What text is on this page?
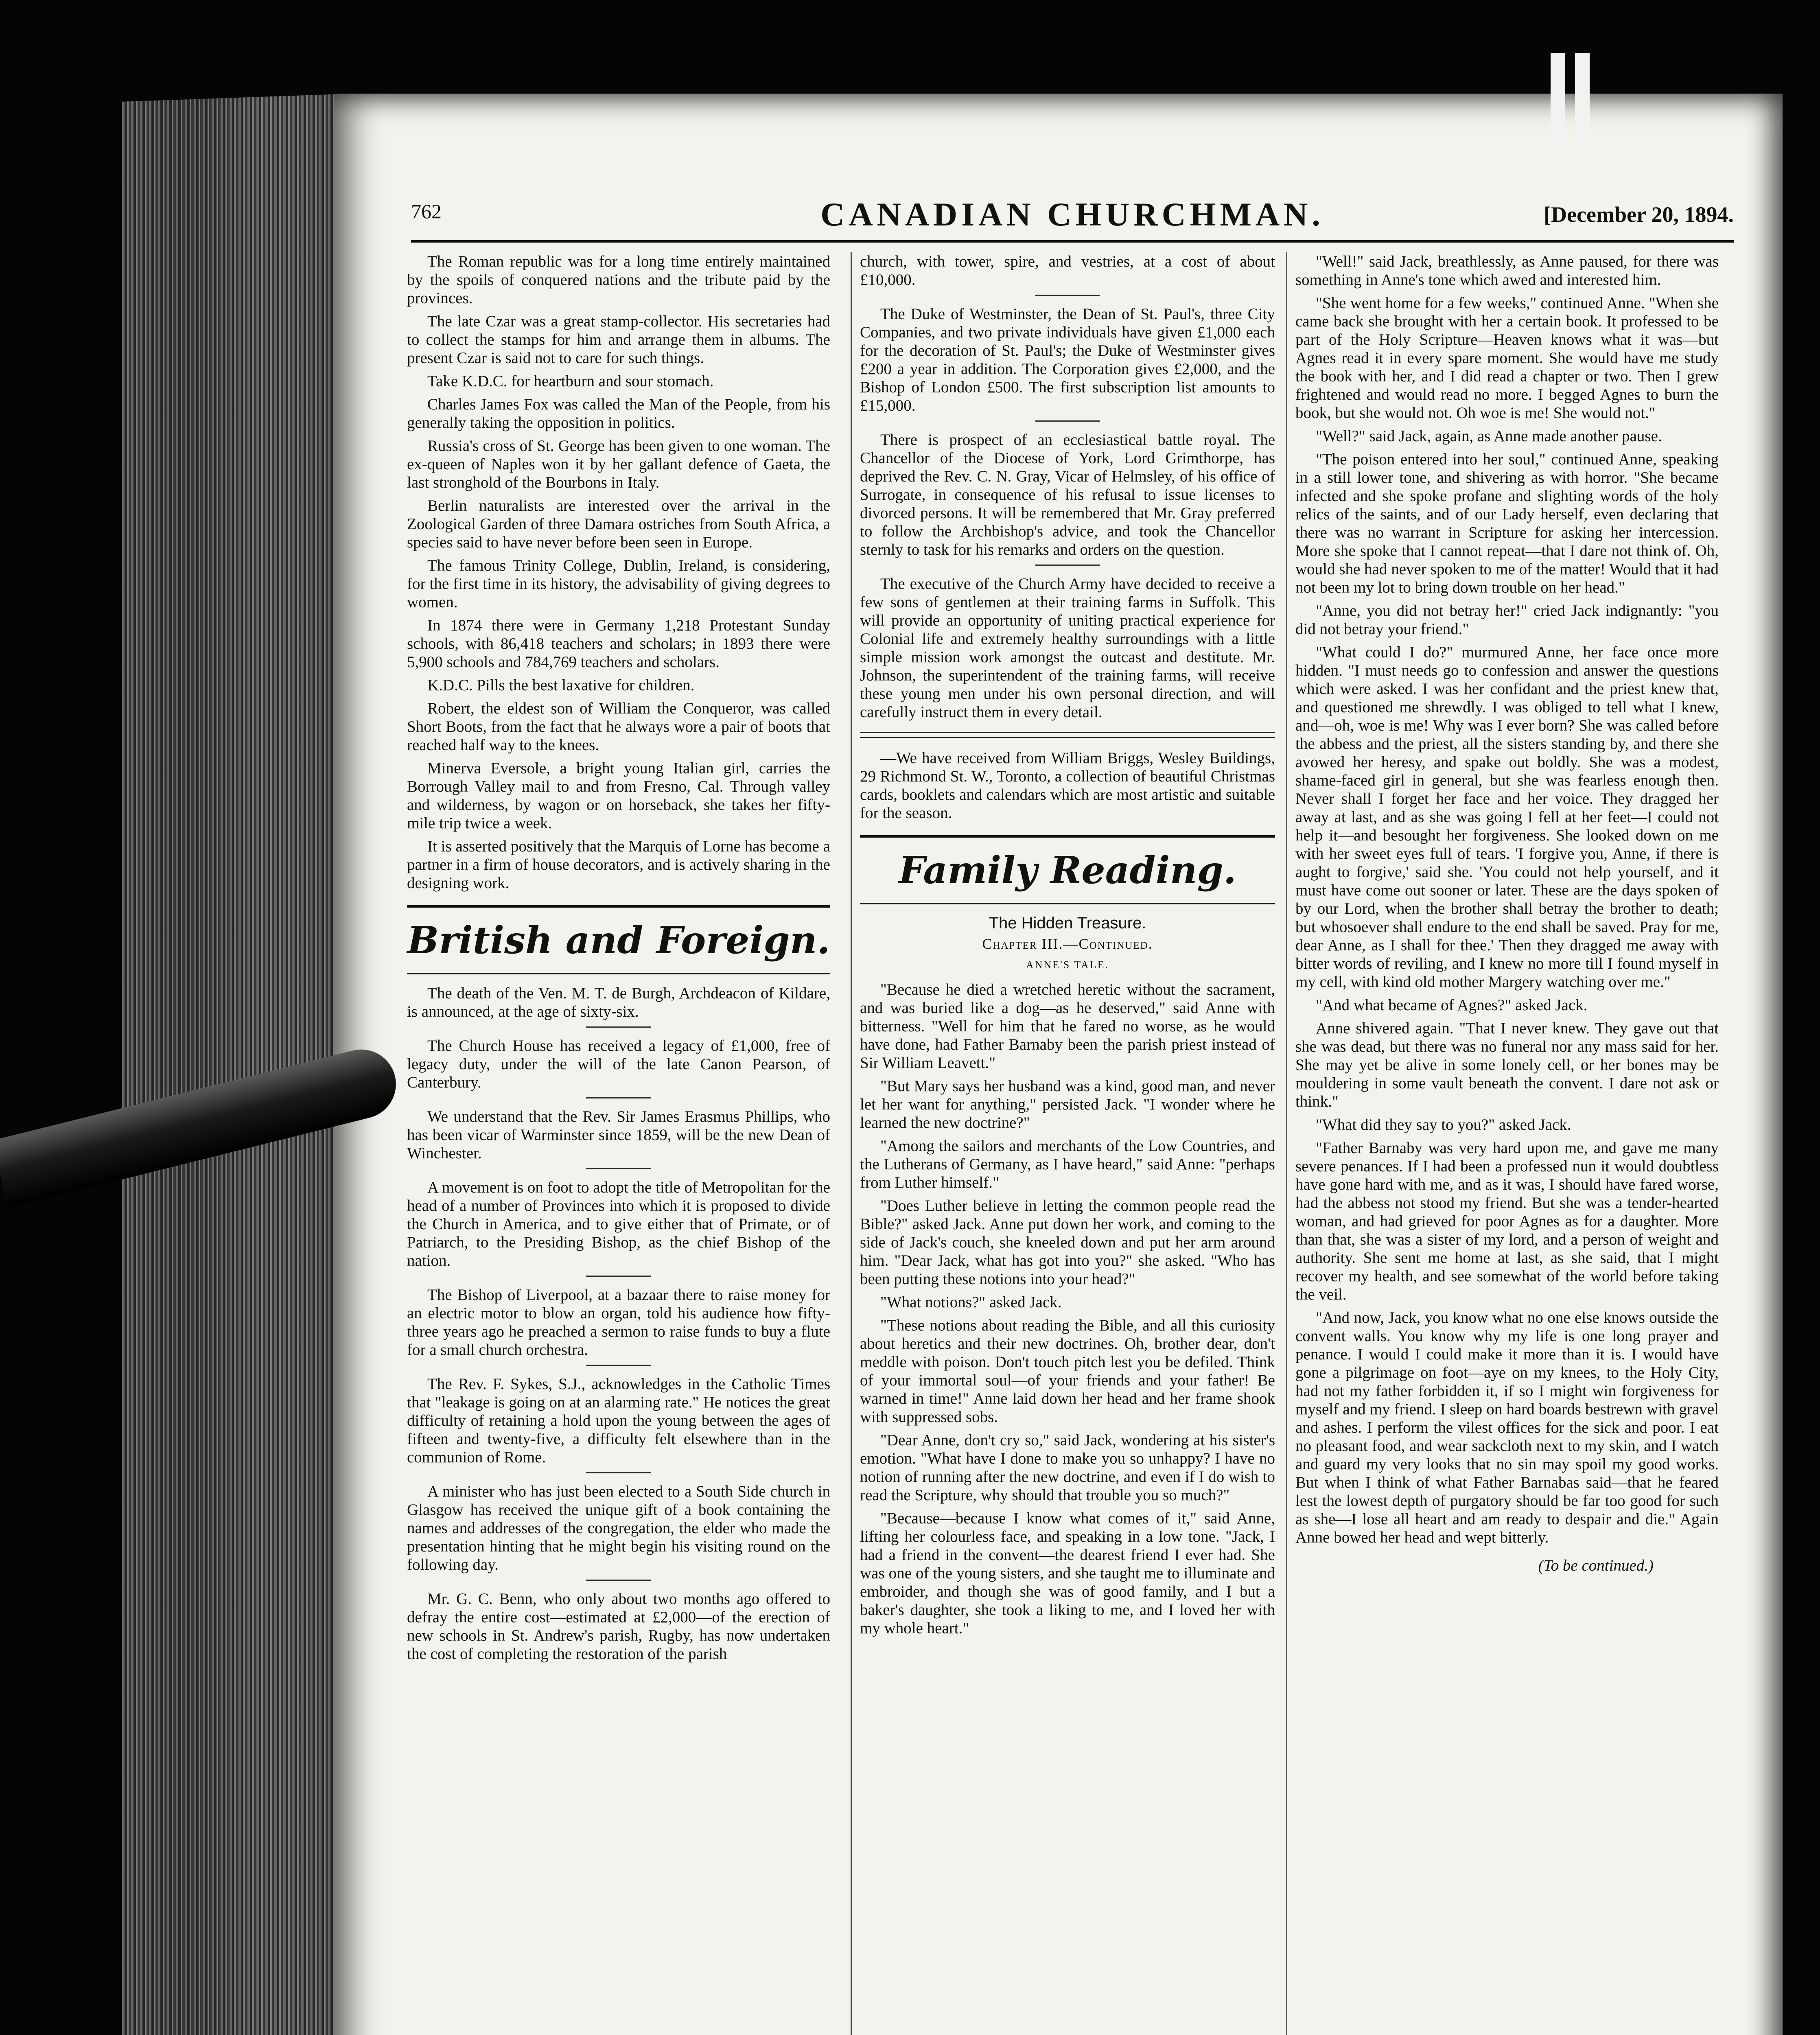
762	CANADIAN CHURCHMAN.	[December 20, 1894.

The Roman republic was for a long time entirely maintained by the spoils of conquered nations and the tribute paid by the provinces.

The late Czar was a great stamp-collector. His secretaries had to collect the stamps for him and arrange them in albums. The present Czar is said not to care for such things.

Take K.D.C. for heartburn and sour stomach.

Charles James Fox was called the Man of the People, from his generally taking the opposition in politics.

Russia's cross of St. George has been given to one woman. The ex-queen of Naples won it by her gallant defence of Gaeta, the last stronghold of the Bourbons in Italy.

Berlin naturalists are interested over the arrival in the Zoological Garden of three Damara ostriches from South Africa, a species said to have never before been seen in Europe.

The famous Trinity College, Dublin, Ireland, is considering, for the first time in its history, the advisability of giving degrees to women.

In 1874 there were in Germany 1,218 Protestant Sunday schools, with 86,418 teachers and scholars; in 1893 there were 5,900 schools and 784,769 teachers and scholars.

K.D.C. Pills the best laxative for children.

Robert, the eldest son of William the Conqueror, was called Short Boots, from the fact that he always wore a pair of boots that reached half way to the knees.

Minerva Eversole, a bright young Italian girl, carries the Borrough Valley mail to and from Fresno, Cal. Through valley and wilderness, by wagon or on horseback, she takes her fifty-mile trip twice a week.

It is asserted positively that the Marquis of Lorne has become a partner in a firm of house decorators, and is actively sharing in the designing work.

British and Foreign.

The death of the Ven. M. T. de Burgh, Archdeacon of Kildare, is announced, at the age of sixty-six.

The Church House has received a legacy of £1,000, free of legacy duty, under the will of the late Canon Pearson, of Canterbury.

We understand that the Rev. Sir James Erasmus Phillips, who has been vicar of Warminster since 1859, will be the new Dean of Winchester.

A movement is on foot to adopt the title of Metropolitan for the head of a number of Provinces into which it is proposed to divide the Church in America, and to give either that of Primate, or of Patriarch, to the Presiding Bishop, as the chief Bishop of the nation.

The Bishop of Liverpool, at a bazaar there to raise money for an electric motor to blow an organ, told his audience how fifty-three years ago he preached a sermon to raise funds to buy a flute for a small church orchestra.

The Rev. F. Sykes, S.J., acknowledges in the Catholic Times that "leakage is going on at an alarming rate." He notices the great difficulty of retaining a hold upon the young between the ages of fifteen and twenty-five, a difficulty felt elsewhere than in the communion of Rome.

A minister who has just been elected to a South Side church in Glasgow has received the unique gift of a book containing the names and addresses of the congregation, the elder who made the presentation hinting that he might begin his visiting round on the following day.

Mr. G. C. Benn, who only about two months ago offered to defray the entire cost—estimated at £2,000—of the erection of new schools in St. Andrew's parish, Rugby, has now undertaken the cost of completing the restoration of the parish

church, with tower, spire, and vestries, at a cost of about £10,000.

The Duke of Westminster, the Dean of St. Paul's, three City Companies, and two private individuals have given £1,000 each for the decoration of St. Paul's; the Duke of Westminster gives £200 a year in addition. The Corporation gives £2,000, and the Bishop of London £500. The first subscription list amounts to £15,000.

There is prospect of an ecclesiastical battle royal. The Chancellor of the Diocese of York, Lord Grimthorpe, has deprived the Rev. C. N. Gray, Vicar of Helmsley, of his office of Surrogate, in consequence of his refusal to issue licenses to divorced persons. It will be remembered that Mr. Gray preferred to follow the Archbishop's advice, and took the Chancellor sternly to task for his remarks and orders on the question.

The executive of the Church Army have decided to receive a few sons of gentlemen at their training farms in Suffolk. This will provide an opportunity of uniting practical experience for Colonial life and extremely healthy surroundings with a little simple mission work amongst the outcast and destitute. Mr. Johnson, the superintendent of the training farms, will receive these young men under his own personal direction, and will carefully instruct them in every detail.

—We have received from William Briggs, Wesley Buildings, 29 Richmond St. W., Toronto, a collection of beautiful Christmas cards, booklets and calendars which are most artistic and suitable for the season.

Family Reading.
The Hidden Treasure.
Chapter III.—Continued.
ANNE'S TALE.

"Because he died a wretched heretic without the sacrament, and was buried like a dog—as he deserved," said Anne with bitterness. "Well for him that he fared no worse, as he would have done, had Father Barnaby been the parish priest instead of Sir William Leavett."

"But Mary says her husband was a kind, good man, and never let her want for anything," persisted Jack. "I wonder where he learned the new doctrine?"

"Among the sailors and merchants of the Low Countries, and the Lutherans of Germany, as I have heard," said Anne: "perhaps from Luther himself."

"Does Luther believe in letting the common people read the Bible?" asked Jack. Anne put down her work, and coming to the side of Jack's couch, she kneeled down and put her arm around him. "Dear Jack, what has got into you?" she asked. "Who has been putting these notions into your head?"

"What notions?" asked Jack.

"These notions about reading the Bible, and all this curiosity about heretics and their new doctrines. Oh, brother dear, don't meddle with poison. Don't touch pitch lest you be defiled. Think of your immortal soul—of your friends and your father! Be warned in time!" Anne laid down her head and her frame shook with suppressed sobs.

"Dear Anne, don't cry so," said Jack, wondering at his sister's emotion. "What have I done to make you so unhappy? I have no notion of running after the new doctrine, and even if I do wish to read the Scripture, why should that trouble you so much?"

"Because—because I know what comes of it," said Anne, lifting her colourless face, and speaking in a low tone. "Jack, I had a friend in the convent—the dearest friend I ever had. She was one of the young sisters, and she taught me to illuminate and embroider, and though she was of good family, and I but a baker's daughter, she took a liking to me, and I loved her with my whole heart."

"Well!" said Jack, breathlessly, as Anne paused, for there was something in Anne's tone which awed and interested him.

"She went home for a few weeks," continued Anne. "When she came back she brought with her a certain book. It professed to be part of the Holy Scripture—Heaven knows what it was—but Agnes read it in every spare moment. She would have me study the book with her, and I did read a chapter or two. Then I grew frightened and would read no more. I begged Agnes to burn the book, but she would not. Oh woe is me! She would not."

"Well?" said Jack, again, as Anne made another pause.

"The poison entered into her soul," continued Anne, speaking in a still lower tone, and shivering as with horror. "She became infected and she spoke profane and slighting words of the holy relics of the saints, and of our Lady herself, even declaring that there was no warrant in Scripture for asking her intercession. More she spoke that I cannot repeat—that I dare not think of. Oh, would she had never spoken to me of the matter! Would that it had not been my lot to bring down trouble on her head."

"Anne, you did not betray her!" cried Jack indignantly: "you did not betray your friend."

"What could I do?" murmured Anne, her face once more hidden. "I must needs go to confession and answer the questions which were asked. I was her confidant and the priest knew that, and questioned me shrewdly. I was obliged to tell what I knew, and—oh, woe is me! Why was I ever born? She was called before the abbess and the priest, all the sisters standing by, and there she avowed her heresy, and spake out boldly. She was a modest, shame-faced girl in general, but she was fearless enough then. Never shall I forget her face and her voice. They dragged her away at last, and as she was going I fell at her feet—I could not help it—and besought her forgiveness. She looked down on me with her sweet eyes full of tears. 'I forgive you, Anne, if there is aught to forgive,' said she. 'You could not help yourself, and it must have come out sooner or later. These are the days spoken of by our Lord, when the brother shall betray the brother to death; but whosoever shall endure to the end shall be saved. Pray for me, dear Anne, as I shall for thee.' Then they dragged me away with bitter words of reviling, and I knew no more till I found myself in my cell, with kind old mother Margery watching over me."

"And what became of Agnes?" asked Jack.

Anne shivered again. "That I never knew. They gave out that she was dead, but there was no funeral nor any mass said for her. She may yet be alive in some lonely cell, or her bones may be mouldering in some vault beneath the convent. I dare not ask or think."

"What did they say to you?" asked Jack.

"Father Barnaby was very hard upon me, and gave me many severe penances. If I had been a professed nun it would doubtless have gone hard with me, and as it was, I should have fared worse, had the abbess not stood my friend. But she was a tender-hearted woman, and had grieved for poor Agnes as for a daughter. More than that, she was a sister of my lord, and a person of weight and authority. She sent me home at last, as she said, that I might recover my health, and see somewhat of the world before taking the veil.

"And now, Jack, you know what no one else knows outside the convent walls. You know why my life is one long prayer and penance. I would I could make it more than it is. I would have gone a pilgrimage on foot—aye on my knees, to the Holy City, had not my father forbidden it, if so I might win forgiveness for myself and my friend. I sleep on hard boards bestrewn with gravel and ashes. I perform the vilest offices for the sick and poor. I eat no pleasant food, and wear sackcloth next to my skin, and I watch and guard my very looks that no sin may spoil my good works. But when I think of what Father Barnabas said—that he feared lest the lowest depth of purgatory should be far too good for such as she—I lose all heart and am ready to despair and die." Again Anne bowed her head and wept bitterly.

(To be continued.)
